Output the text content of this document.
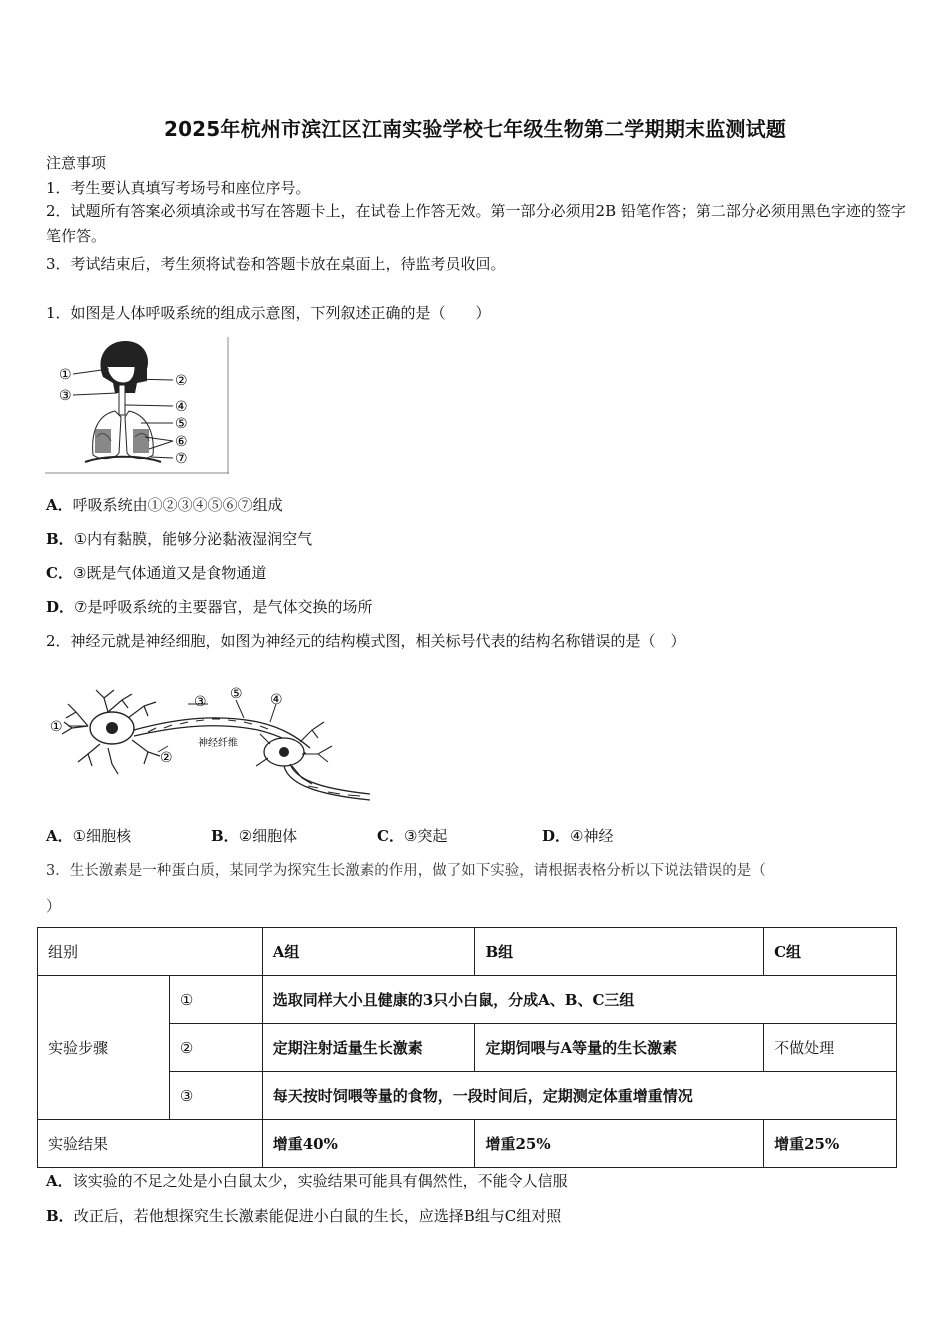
2025年杭州市滨江区江南实验学校七年级生物第二学期期末监测试题
注意事项
1．考生要认真填写考场号和座位序号。
2．试题所有答案必须填涂或书写在答题卡上，在试卷上作答无效。第一部分必须用2B 铅笔作答；第二部分必须用黑色字迹的签字笔作答。
3．考试结束后，考生须将试卷和答题卡放在桌面上，待监考员收回。
1．如图是人体呼吸系统的组成示意图，下列叙述正确的是（　　）
①	②
③
④
⑤
⑥
⑦
A．呼吸系统由①②③④⑤⑥⑦组成
B．①内有黏膜，能够分泌黏液湿润空气
C．③既是气体通道又是食物通道
D．⑦是呼吸系统的主要器官，是气体交换的场所
2．神经元就是神经细胞，如图为神经元的结构模式图，相关标号代表的结构名称错误的是（　）
神经纤维
①
②
③ ⑤ ④
A．①细胞核	B．②细胞体	C．③突起	D．④神经
3．生长激素是一种蛋白质，某同学为探究生长激素的作用，做了如下实验，请根据表格分析以下说法错误的是（
）
组别		A组	B组	C组
实验步骤	①	选取同样大小且健康的3只小白鼠，分成A、B、C三组		
	②	定期注射适量生长激素	定期饲喂与A等量的生长激素	不做处理
	③	每天按时饲喂等量的食物，一段时间后，定期测定体重增重情况		
实验结果		增重40%	增重25%	增重25%
A．该实验的不足之处是小白鼠太少，实验结果可能具有偶然性，不能令人信服
B．改正后，若他想探究生长激素能促进小白鼠的生长，应选择B组与C组对照
